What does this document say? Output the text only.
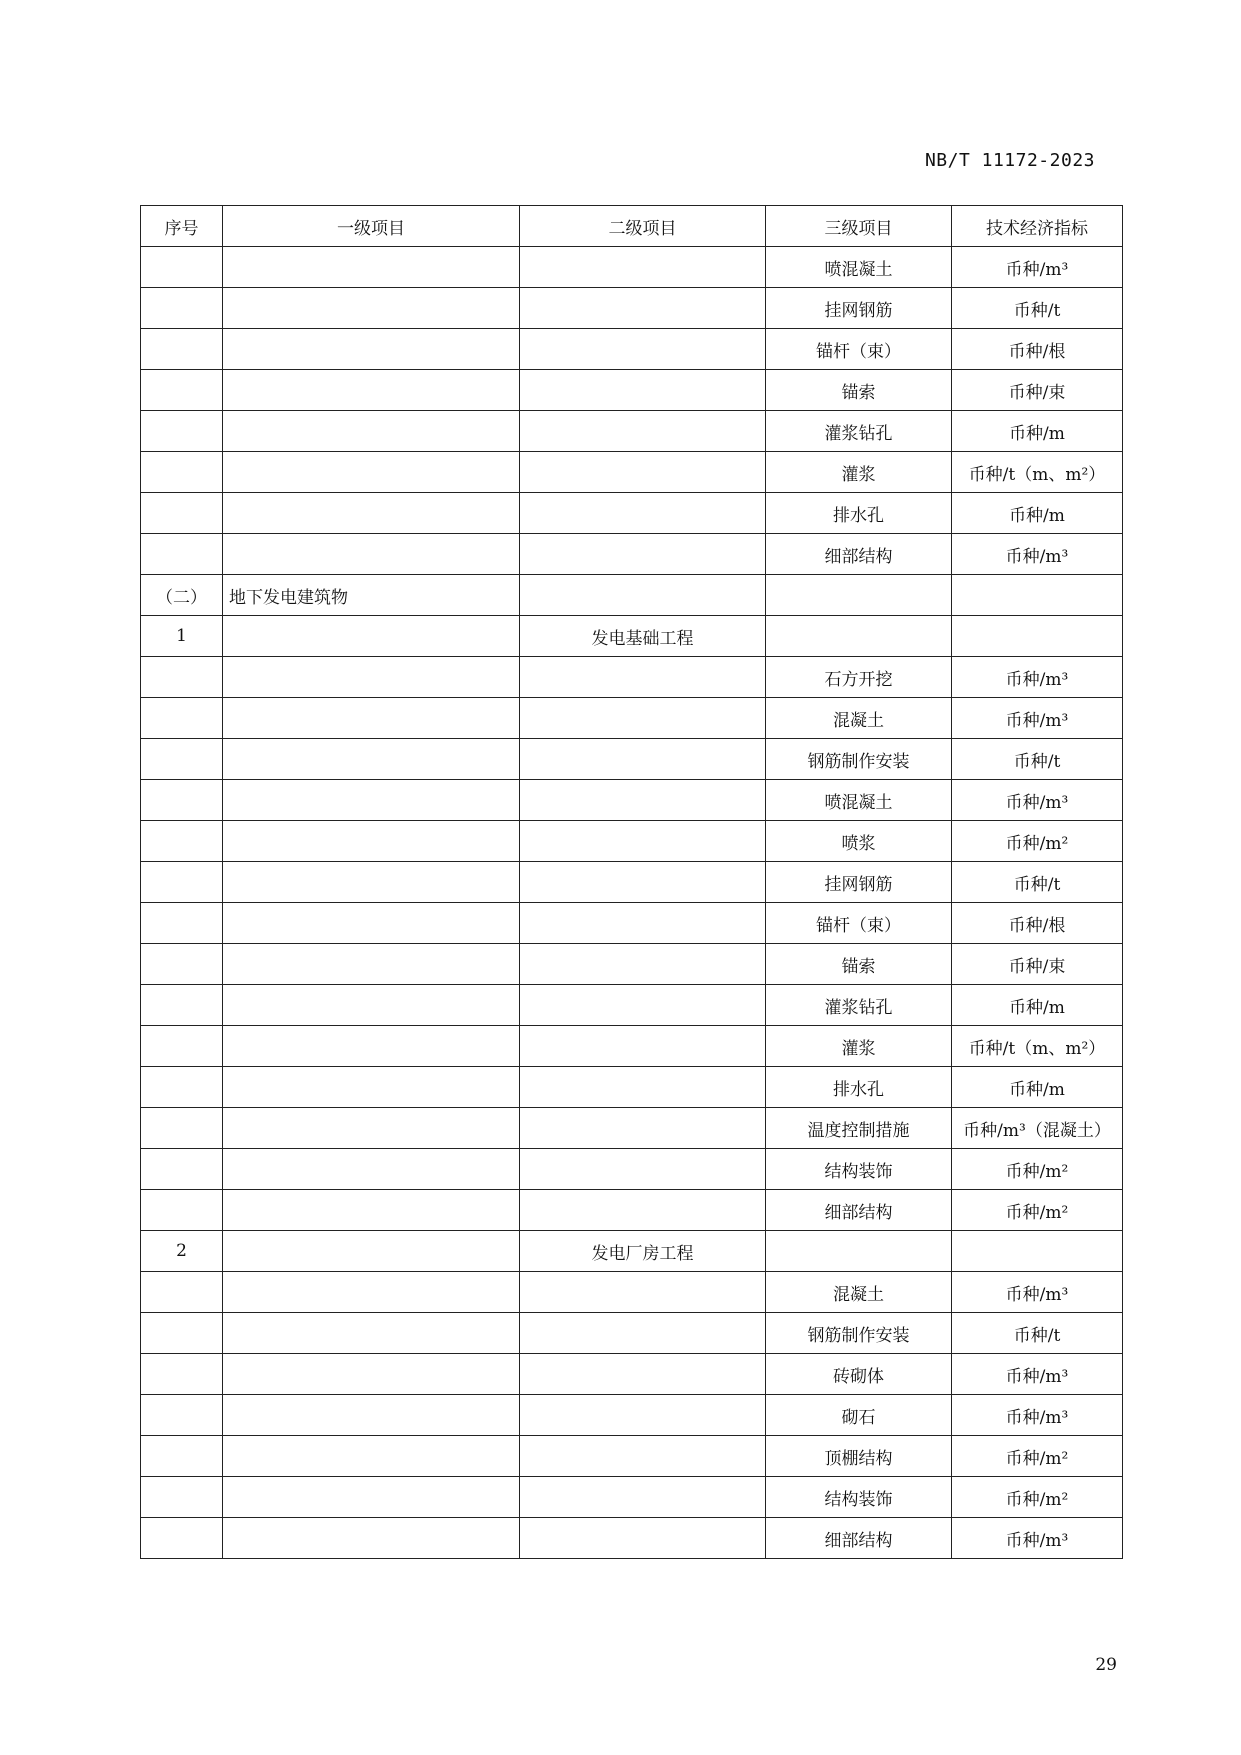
NB/T 11172-2023
序号	一级项目	二级项目	三级项目	技术经济指标
			喷混凝土	币种/m³
			挂网钢筋	币种/t
			锚杆（束）	币种/根
			锚索	币种/束
			灌浆钻孔	币种/m
			灌浆	币种/t（m、m²）
			排水孔	币种/m
			细部结构	币种/m³
（二）	地下发电建筑物			
1		发电基础工程		
			石方开挖	币种/m³
			混凝土	币种/m³
			钢筋制作安装	币种/t
			喷混凝土	币种/m³
			喷浆	币种/m²
			挂网钢筋	币种/t
			锚杆（束）	币种/根
			锚索	币种/束
			灌浆钻孔	币种/m
			灌浆	币种/t（m、m²）
			排水孔	币种/m
			温度控制措施	币种/m³（混凝土）
			结构装饰	币种/m²
			细部结构	币种/m²
2		发电厂房工程		
			混凝土	币种/m³
			钢筋制作安装	币种/t
			砖砌体	币种/m³
			砌石	币种/m³
			顶棚结构	币种/m²
			结构装饰	币种/m²
			细部结构	币种/m³
29
